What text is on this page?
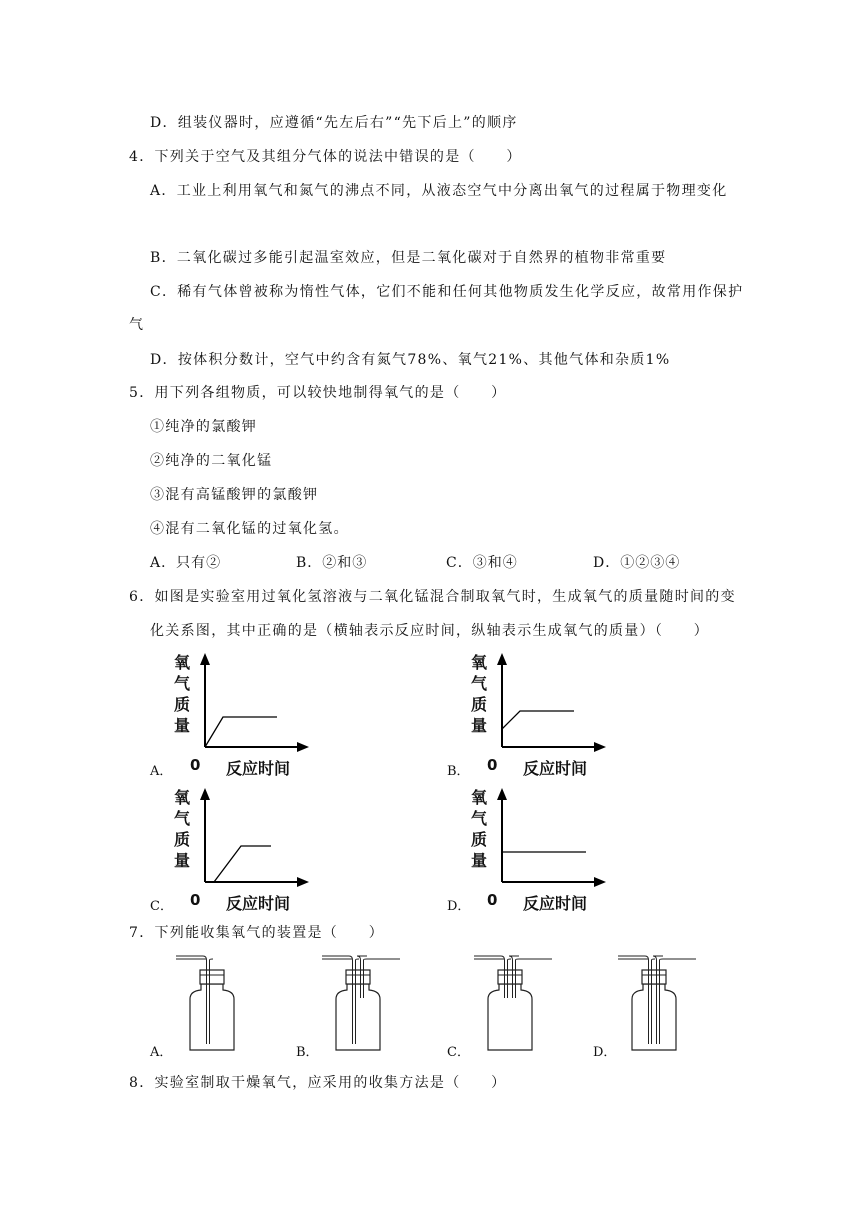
D．组装仪器时，应遵循“先左后右”“先下后上”的顺序
4．下列关于空气及其组分气体的说法中错误的是（　　）
A．工业上利用氧气和氮气的沸点不同，从液态空气中分离出氧气的过程属于物理变化
B．二氧化碳过多能引起温室效应，但是二氧化碳对于自然界的植物非常重要
C．稀有气体曾被称为惰性气体，它们不能和任何其他物质发生化学反应，故常用作保护
气
D．按体积分数计，空气中约含有氮气78%、氧气21%、其他气体和杂质1%
5．用下列各组物质，可以较快地制得氧气的是（　　）
①纯净的氯酸钾
②纯净的二氧化锰
③混有高锰酸钾的氯酸钾
④混有二氧化锰的过氧化氢。
A．只有②	B．②和③	C．③和④	D．①②③④
6．如图是实验室用过氧化氢溶液与二氧化锰混合制取氧气时，生成氧气的质量随时间的变
化关系图，其中正确的是（横轴表示反应时间，纵轴表示生成氧气的质量）（　　）
A．
氧
气
质
量
0 反应时间	B．
氧
气
质
量
0 反应时间
C．
氧
气
质
量
0 反应时间	D．
氧
气
质
量
0 反应时间
7．下列能收集氧气的装置是（　　）
A．	B．	C．	D．
8．实验室制取干燥氧气，应采用的收集方法是（　　）
